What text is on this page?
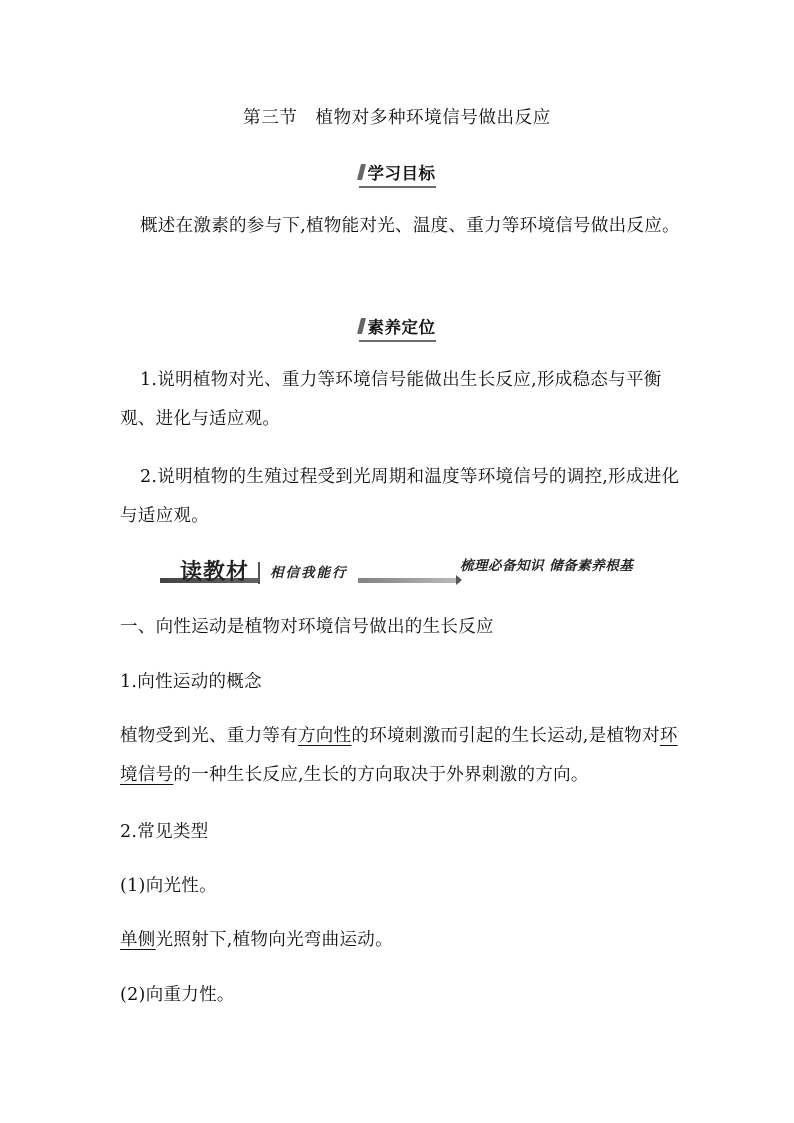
第三节　植物对多种环境信号做出反应
学习目标
概述在激素的参与下,植物能对光、温度、重力等环境信号做出反应。
素养定位
1.说明植物对光、重力等环境信号能做出生长反应,形成稳态与平衡观、进化与适应观。
2.说明植物的生殖过程受到光周期和温度等环境信号的调控,形成进化与适应观。
读教材	相信我能行	梳理必备知识 储备素养根基
一、向性运动是植物对环境信号做出的生长反应
1.向性运动的概念
植物受到光、重力等有方向性的环境刺激而引起的生长运动,是植物对环境信号的一种生长反应,生长的方向取决于外界刺激的方向。
2.常见类型
(1)向光性。
单侧光照射下,植物向光弯曲运动。
(2)向重力性。
